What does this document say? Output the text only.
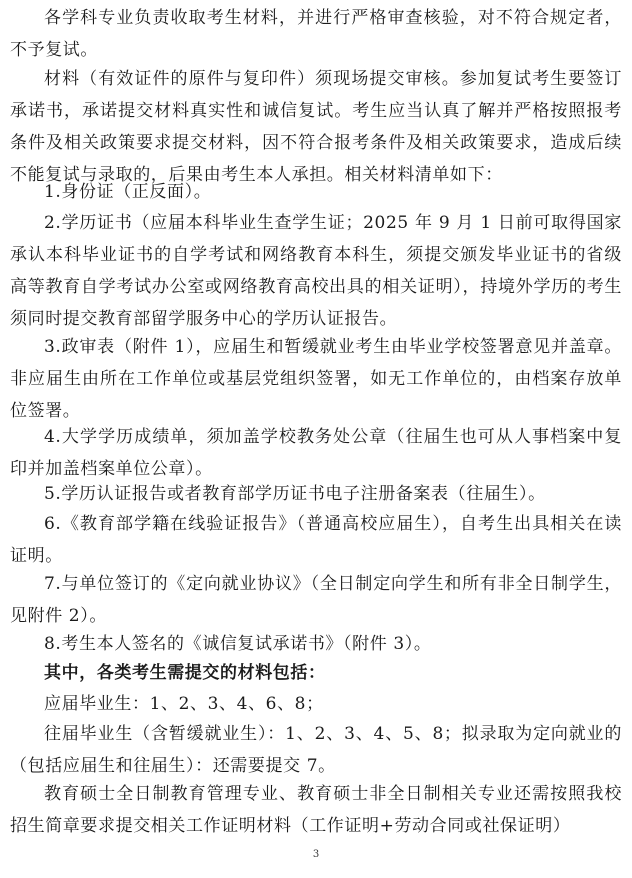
各学科专业负责收取考生材料，并进行严格审查核验，对不符合规定者，不予复试。

材料（有效证件的原件与复印件）须现场提交审核。参加复试考生要签订承诺书，承诺提交材料真实性和诚信复试。考生应当认真了解并严格按照报考条件及相关政策要求提交材料，因不符合报考条件及相关政策要求，造成后续不能复试与录取的，后果由考生本人承担。相关材料清单如下：

1.身份证（正反面）。

2.学历证书（应届本科毕业生查学生证；2025 年 9 月 1 日前可取得国家承认本科毕业证书的自学考试和网络教育本科生，须提交颁发毕业证书的省级高等教育自学考试办公室或网络教育高校出具的相关证明），持境外学历的考生须同时提交教育部留学服务中心的学历认证报告。

3.政审表（附件 1），应届生和暂缓就业考生由毕业学校签署意见并盖章。非应届生由所在工作单位或基层党组织签署，如无工作单位的，由档案存放单位签署。

4.大学学历成绩单，须加盖学校教务处公章（往届生也可从人事档案中复印并加盖档案单位公章）。

5.学历认证报告或者教育部学历证书电子注册备案表（往届生）。

6.《教育部学籍在线验证报告》（普通高校应届生），自考生出具相关在读证明。

7.与单位签订的《定向就业协议》（全日制定向学生和所有非全日制学生，见附件 2）。

8.考生本人签名的《诚信复试承诺书》（附件 3）。

其中，各类考生需提交的材料包括：

应届毕业生：1、2、3、4、6、8；

往届毕业生（含暂缓就业生）：1、2、3、4、5、8；拟录取为定向就业的（包括应届生和往届生）：还需要提交 7。

教育硕士全日制教育管理专业、教育硕士非全日制相关专业还需按照我校招生简章要求提交相关工作证明材料（工作证明+劳动合同或社保证明）

3
